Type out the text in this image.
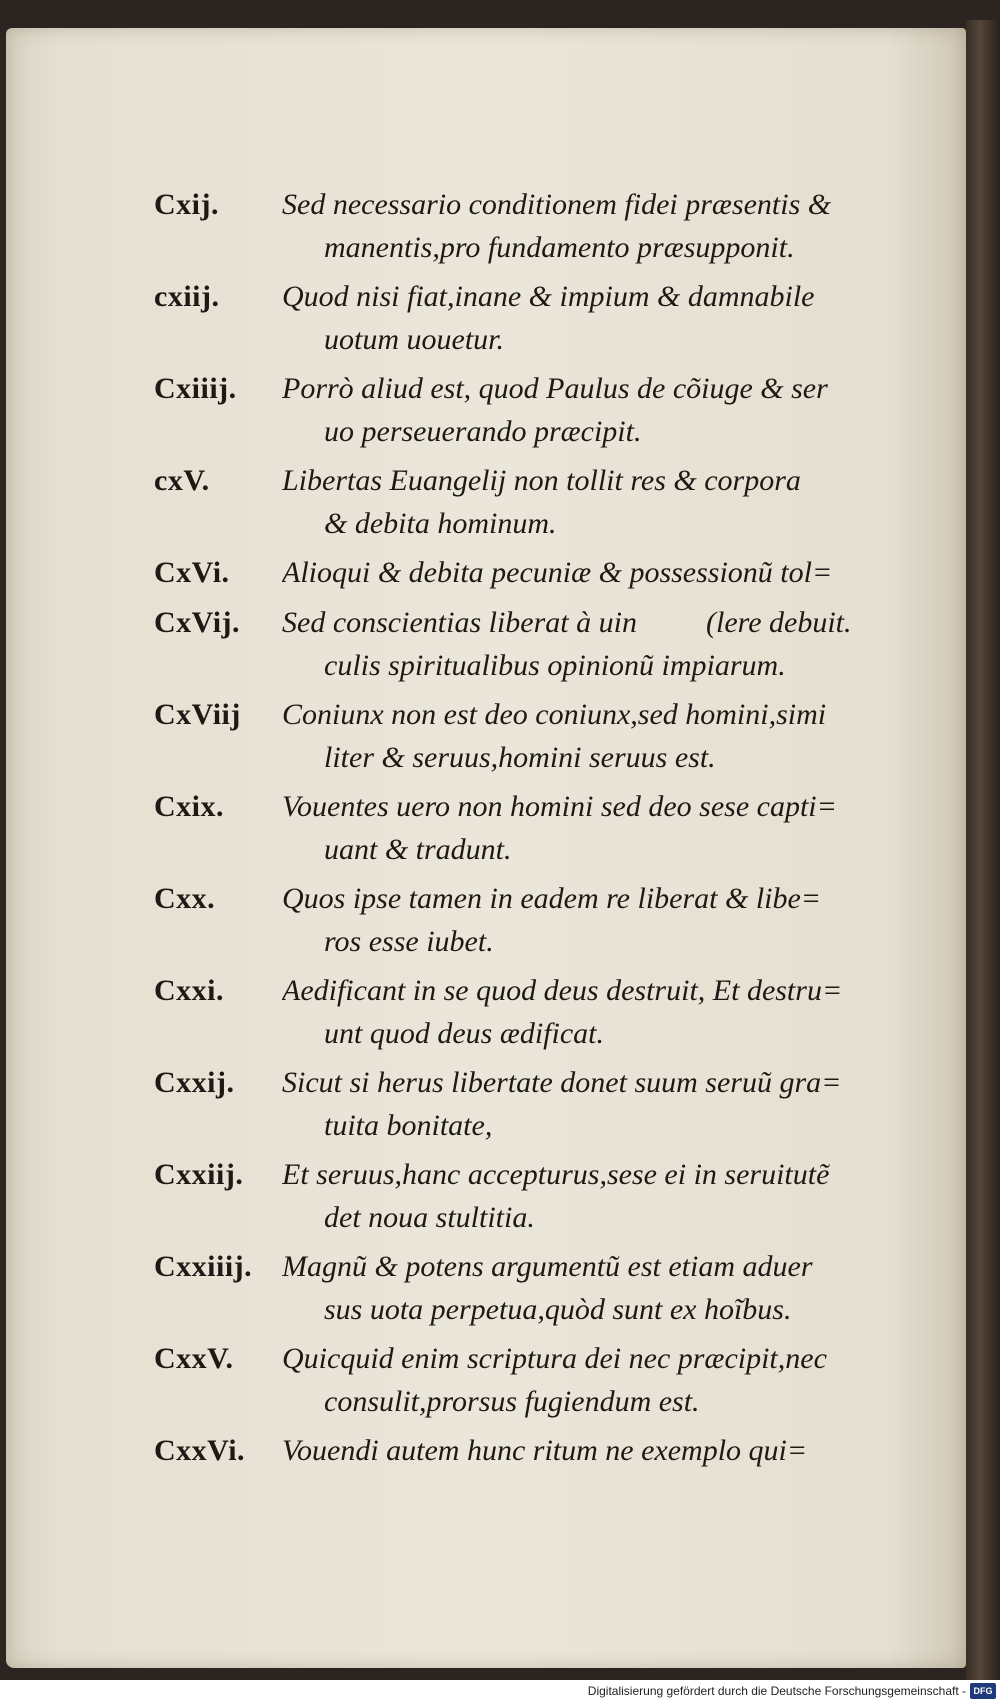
Cxij.	Sed necessario conditionem fidei præsentis &
manentis,pro fundamento præsupponit.
cxiij.	Quod nisi fiat,inane & impium & damnabile
uotum uouetur.
Cxiiij.	Porrò aliud est, quod Paulus de cõiuge & ser
uo perseuerando præcipit.
cxV.	Libertas Euangelij non tollit res & corpora
& debita hominum.
CxVi.	Alioqui & debita pecuniæ & possessionũ tol=
CxVij.	Sed conscientias liberat à uin	(lere debuit.
culis spiritualibus opinionũ impiarum.
CxViij	Coniunx non est deo coniunx,sed homini,simi
liter & seruus,homini seruus est.
Cxix.	Vouentes uero non homini sed deo sese capti=
uant & tradunt.
Cxx.	Quos ipse tamen in eadem re liberat & libe=
ros esse iubet.
Cxxi.	Aedificant in se quod deus destruit, Et destru=
unt quod deus ædificat.
Cxxij.	Sicut si herus libertate donet suum seruũ gra=
tuita bonitate,
Cxxiij.	Et seruus,hanc accepturus,sese ei in seruitutẽ
det noua stultitia.
Cxxiiij. Magnũ & potens argumentũ est etiam aduer
sus uota perpetua,quòd sunt ex hoĩbus.
CxxV.	Quicquid enim scriptura dei nec præcipit,nec
consulit,prorsus fugiendum est.
CxxVi.	Vouendi autem hunc ritum ne exemplo qui=
Digitalisierung gefördert durch die Deutsche Forschungsgemeinschaft - DFG
